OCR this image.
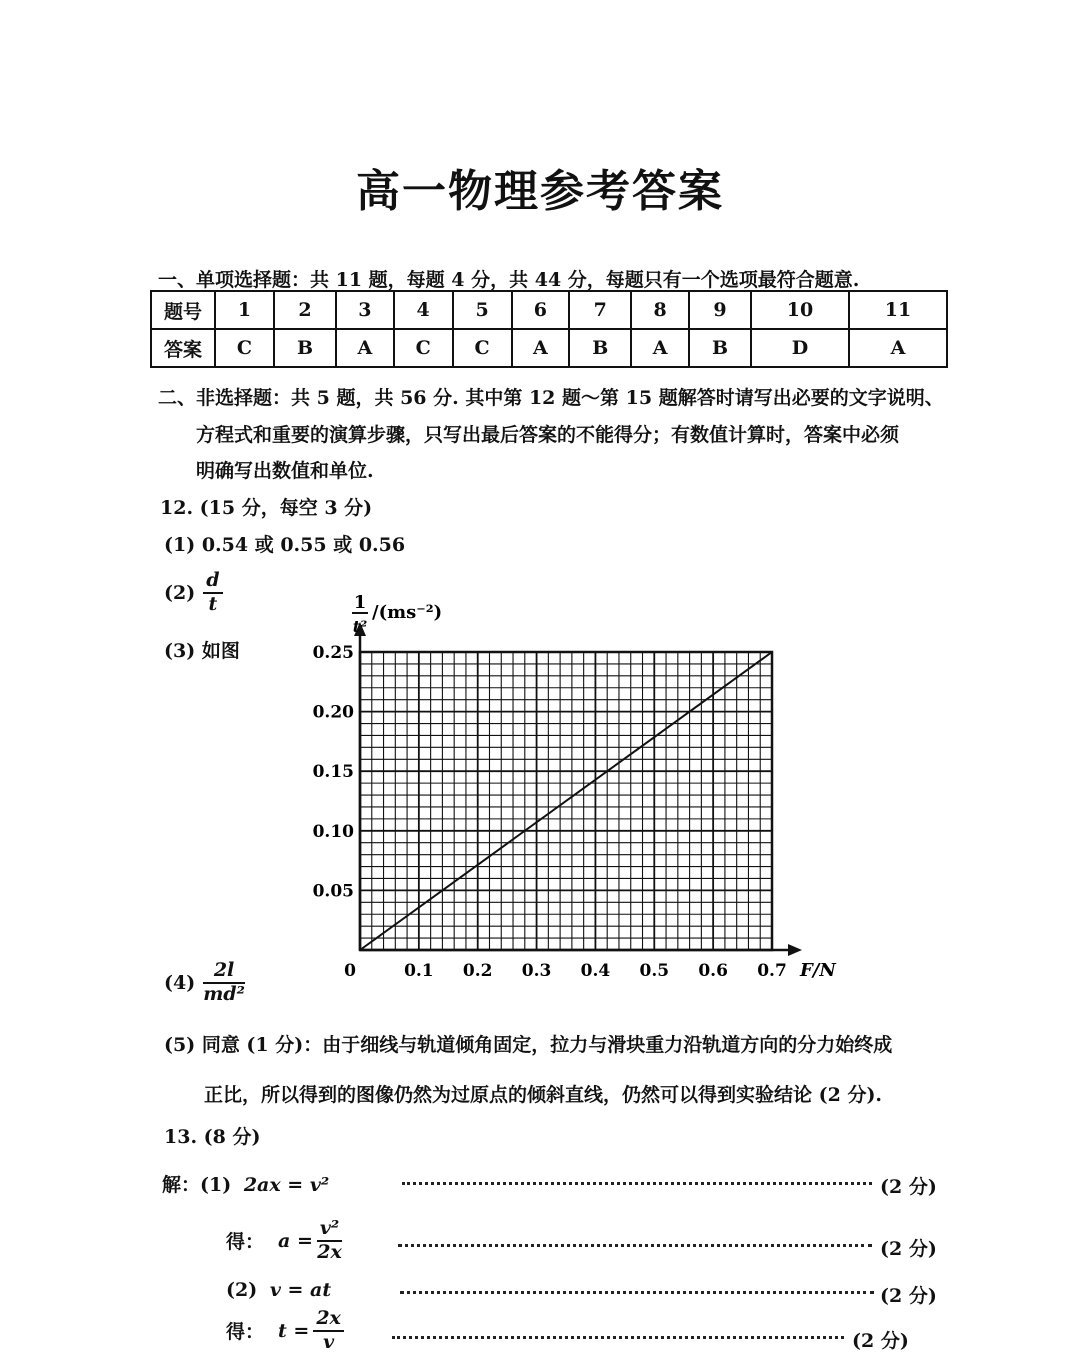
高一物理参考答案
一、单项选择题：共 11 题，每题 4 分，共 44 分，每题只有一个选项最符合题意.
题号	1	2	3	4	5	6	7	8	9	10	11
答案	C	B	A	C	C	A	B	A	B	D	A
二、非选择题：共 5 题，共 56 分. 其中第 12 题～第 15 题解答时请写出必要的文字说明、
方程式和重要的演算步骤，只写出最后答案的不能得分；有数值计算时，答案中必须
明确写出数值和单位.
12. (15 分，每空 3 分)
(1) 0.54 或 0.55 或 0.56
$(2) \frac{d}{t}$
(3) 如图
$(4) \frac{2l}{\text{md²}}$
(5) 同意 (1 分)：由于细线与轨道倾角固定，拉力与滑块重力沿轨道方向的分力始终成
正比，所以得到的图像仍然为过原点的倾斜直线，仍然可以得到实验结论 (2 分).
0	0.1 0.2 0.3 0.4 0.5 0.6 0.7
0.05
0.10
0.15
0.20
0.25
1
t²
/(ms⁻²)
F/N
13. (8 分)
解：(1) 2ax = v²	(2 分)
得： $a = \frac{\text{v²}}{2x}$	(2 分)
(2) v = at	(2 分)
得： $t = \frac{2x}{v}$	(2 分)
